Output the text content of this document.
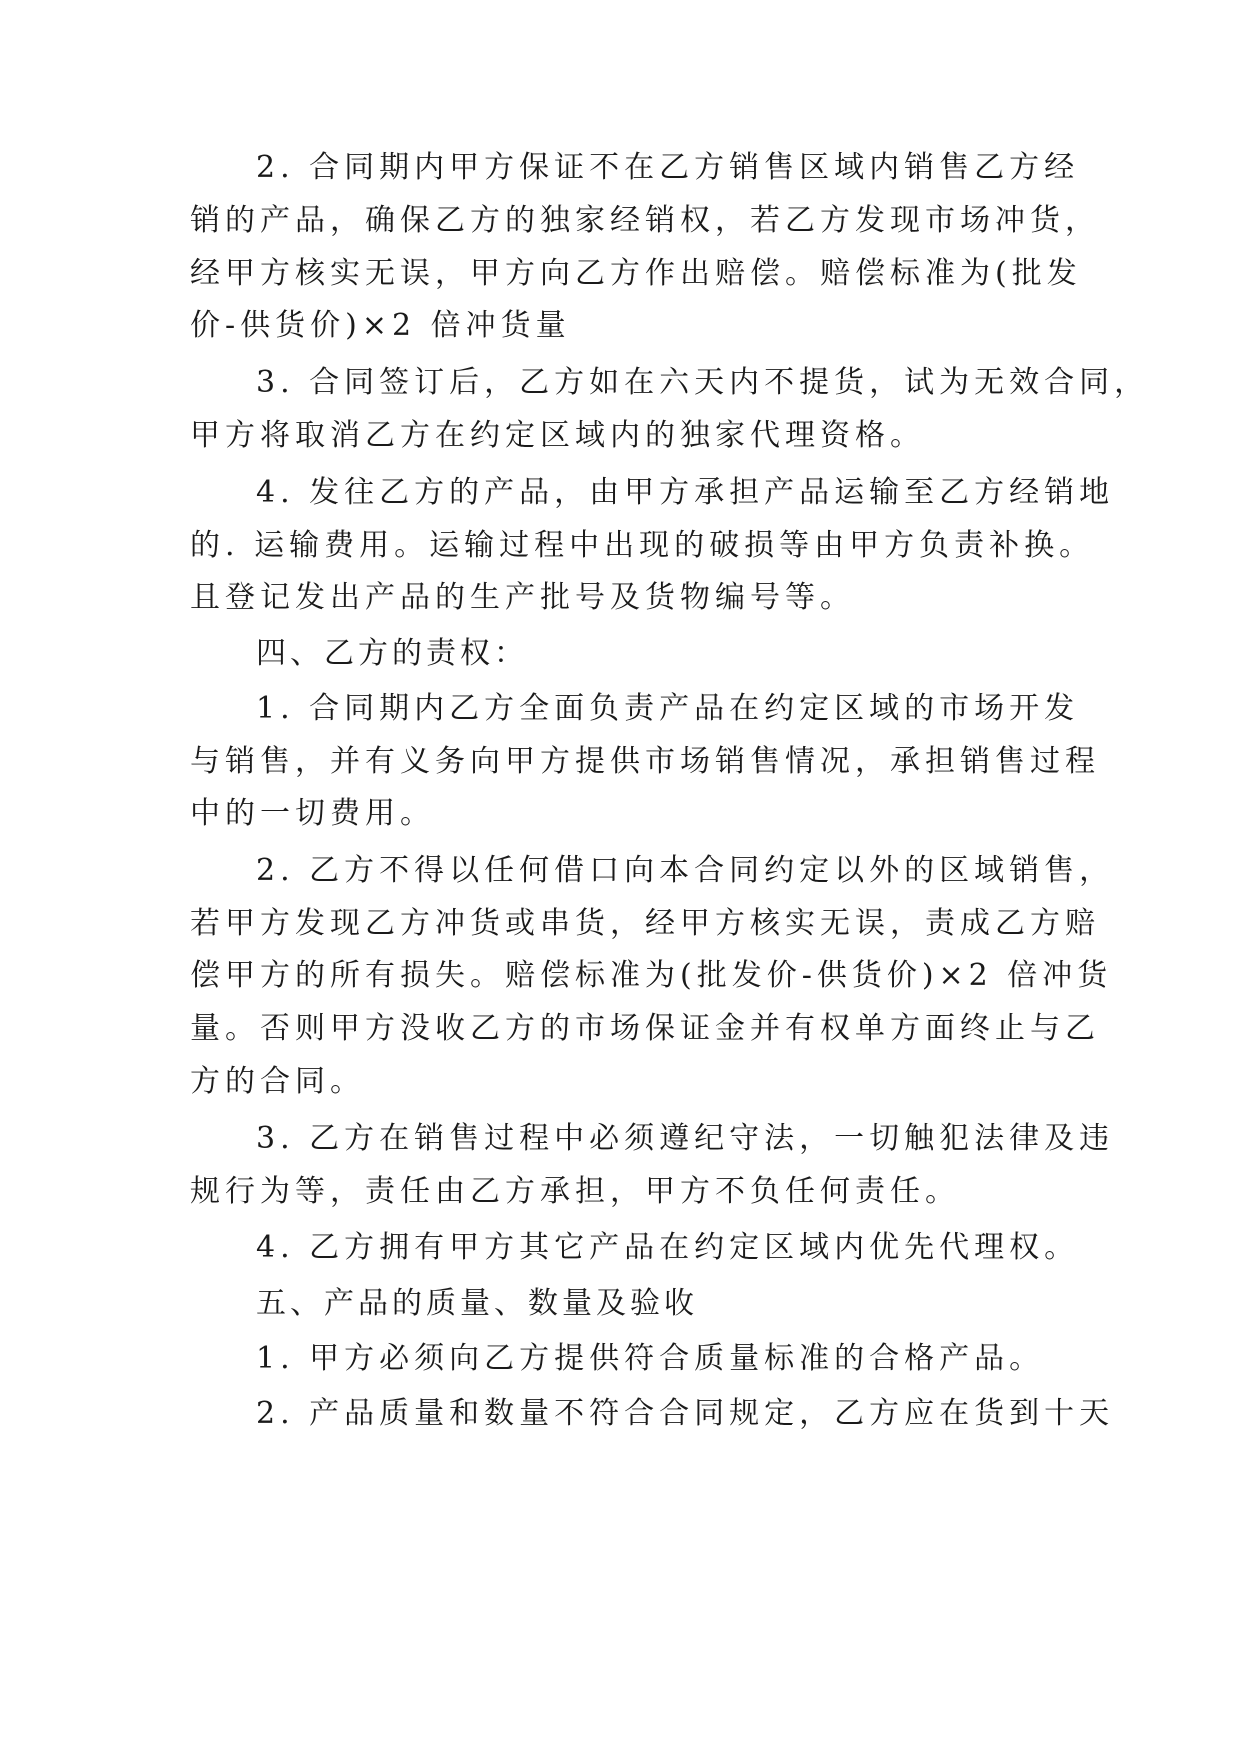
2. 合同期内甲方保证不在乙方销售区域内销售乙方经

销的产品，确保乙方的独家经销权，若乙方发现市场冲货，

经甲方核实无误，甲方向乙方作出赔偿。赔偿标准为(批发

价-供货价)×2 倍冲货量

3. 合同签订后，乙方如在六天内不提货，试为无效合同，

甲方将取消乙方在约定区域内的独家代理资格。

4. 发往乙方的产品，由甲方承担产品运输至乙方经销地

的. 运输费用。运输过程中出现的破损等由甲方负责补换。

且登记发出产品的生产批号及货物编号等。

四、乙方的责权：

1. 合同期内乙方全面负责产品在约定区域的市场开发

与销售，并有义务向甲方提供市场销售情况，承担销售过程

中的一切费用。

2. 乙方不得以任何借口向本合同约定以外的区域销售，

若甲方发现乙方冲货或串货，经甲方核实无误，责成乙方赔

偿甲方的所有损失。赔偿标准为(批发价-供货价)×2 倍冲货

量。否则甲方没收乙方的市场保证金并有权单方面终止与乙

方的合同。

3. 乙方在销售过程中必须遵纪守法，一切触犯法律及违

规行为等，责任由乙方承担，甲方不负任何责任。

4. 乙方拥有甲方其它产品在约定区域内优先代理权。

五、产品的质量、数量及验收

1. 甲方必须向乙方提供符合质量标准的合格产品。

2. 产品质量和数量不符合合同规定，乙方应在货到十天
